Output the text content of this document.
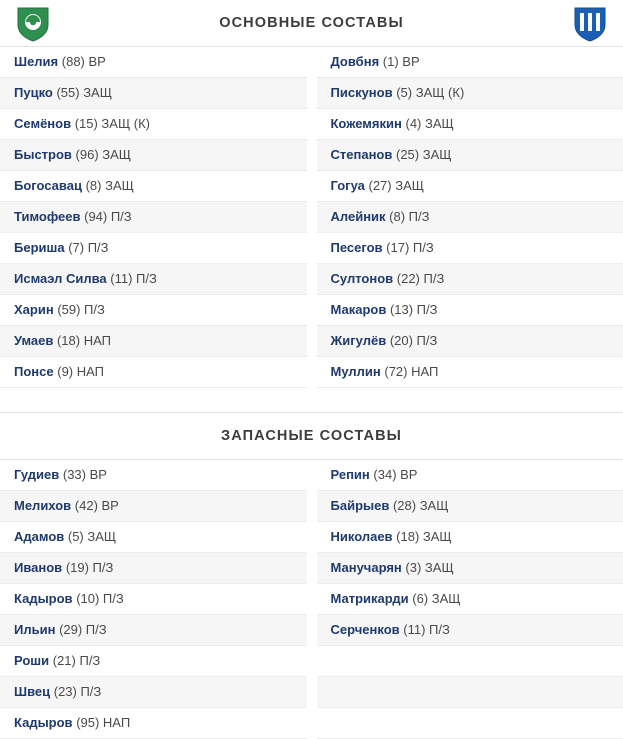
ОСНОВНЫЕ СОСТАВЫ
Шелия (88) ВР
Пуцко (55) ЗАЩ
Семёнов (15) ЗАЩ (К)
Быстров (96) ЗАЩ
Богосавац (8) ЗАЩ
Тимофеев (94) П/З
Бериша (7) П/З
Исмаэл Силва (11) П/З
Харин (59) П/З
Умаев (18) НАП
Понсе (9) НАП
Довбня (1) ВР
Пискунов (5) ЗАЩ (К)
Кожемякин (4) ЗАЩ
Степанов (25) ЗАЩ
Гогуа (27) ЗАЩ
Алейник (8) П/З
Песегов (17) П/З
Султонов (22) П/З
Макаров (13) П/З
Жигулёв (20) П/З
Муллин (72) НАП
ЗАПАСНЫЕ СОСТАВЫ
Гудиев (33) ВР
Мелихов (42) ВР
Адамов (5) ЗАЩ
Иванов (19) П/З
Кадыров (10) П/З
Ильин (29) П/З
Роши (21) П/З
Швец (23) П/З
Кадыров (95) НАП
Репин (34) ВР
Байрыев (28) ЗАЩ
Николаев (18) ЗАЩ
Манучарян (3) ЗАЩ
Матрикарди (6) ЗАЩ
Серченков (11) П/З
